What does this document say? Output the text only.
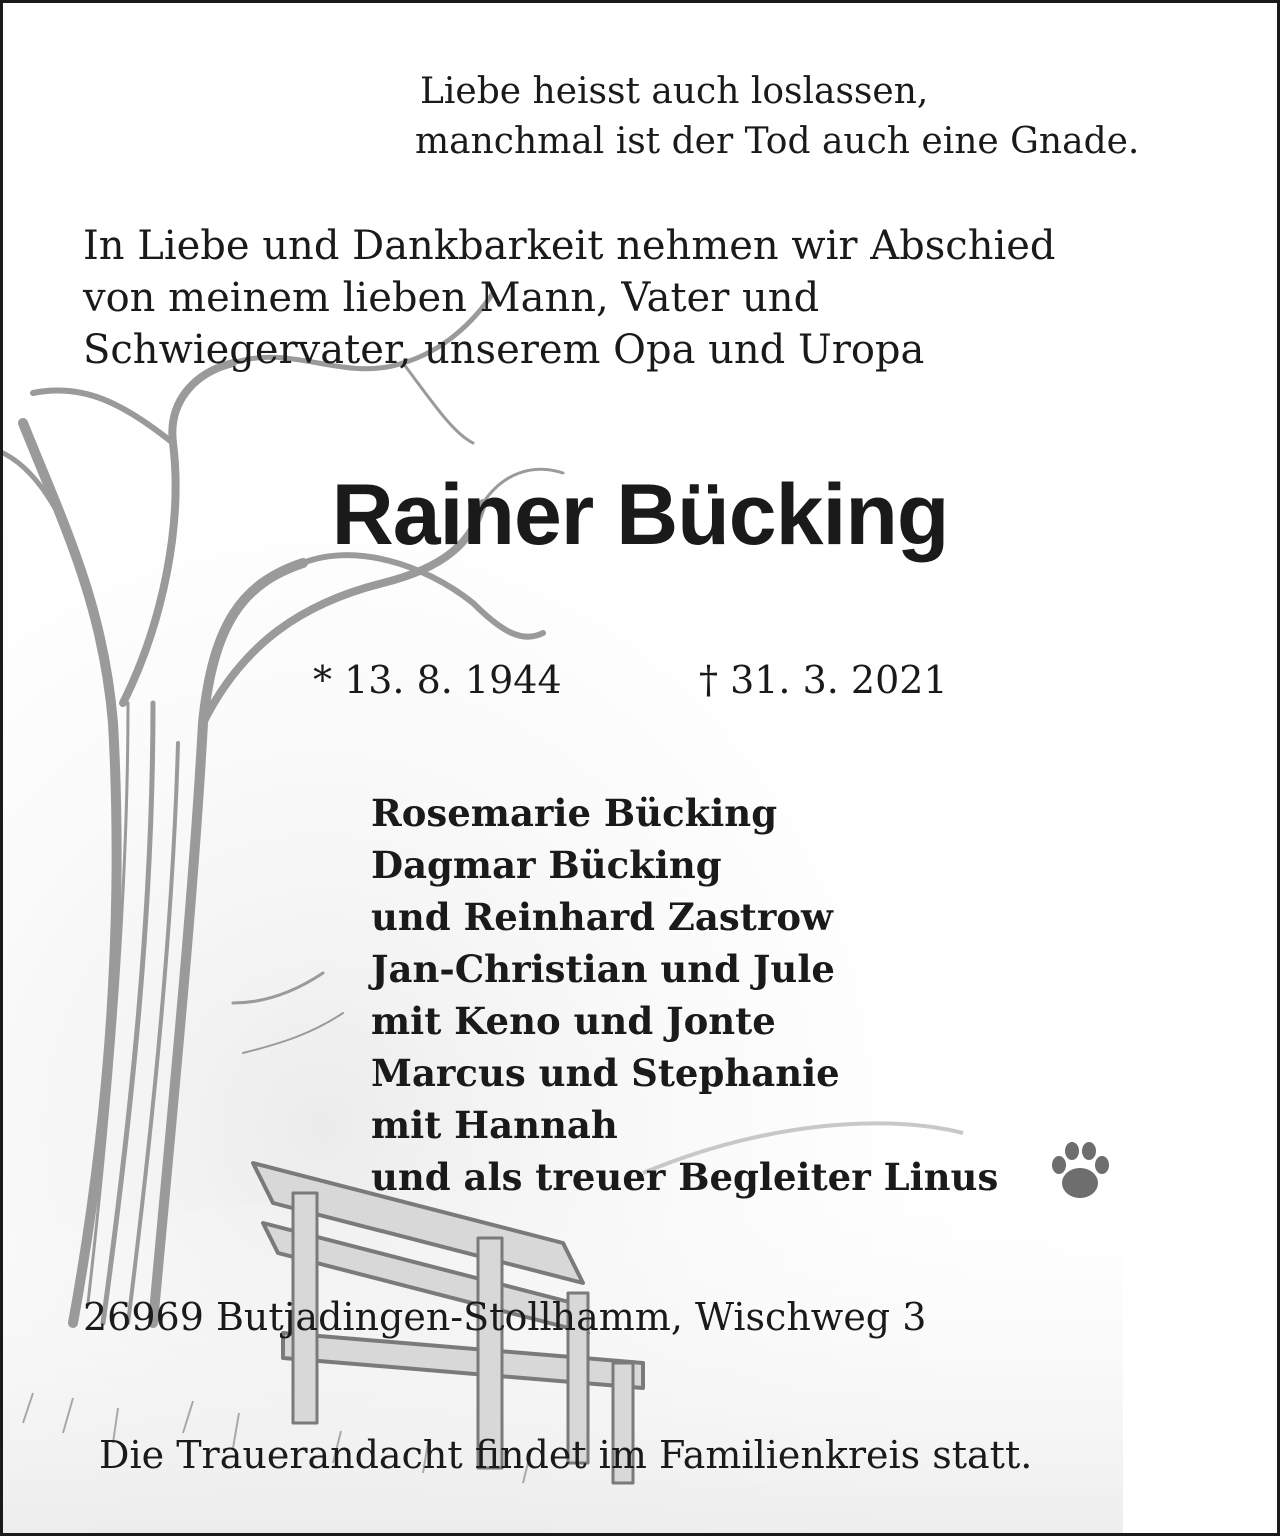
Liebe heisst auch loslassen,
manchmal ist der Tod auch eine Gnade.
In Liebe und Dankbarkeit nehmen wir Abschied
von meinem lieben Mann, Vater und
Schwiegervater, unserem Opa und Uropa
Rainer Bücking
* 13. 8. 1944	† 31. 3. 2021
Rosemarie Bücking
Dagmar Bücking
und Reinhard Zastrow
Jan-Christian und Jule
mit Keno und Jonte
Marcus und Stephanie
mit Hannah
und als treuer Begleiter Linus
26969 Butjadingen-Stollhamm, Wischweg 3
Die Trauerandacht findet im Familienkreis statt.
